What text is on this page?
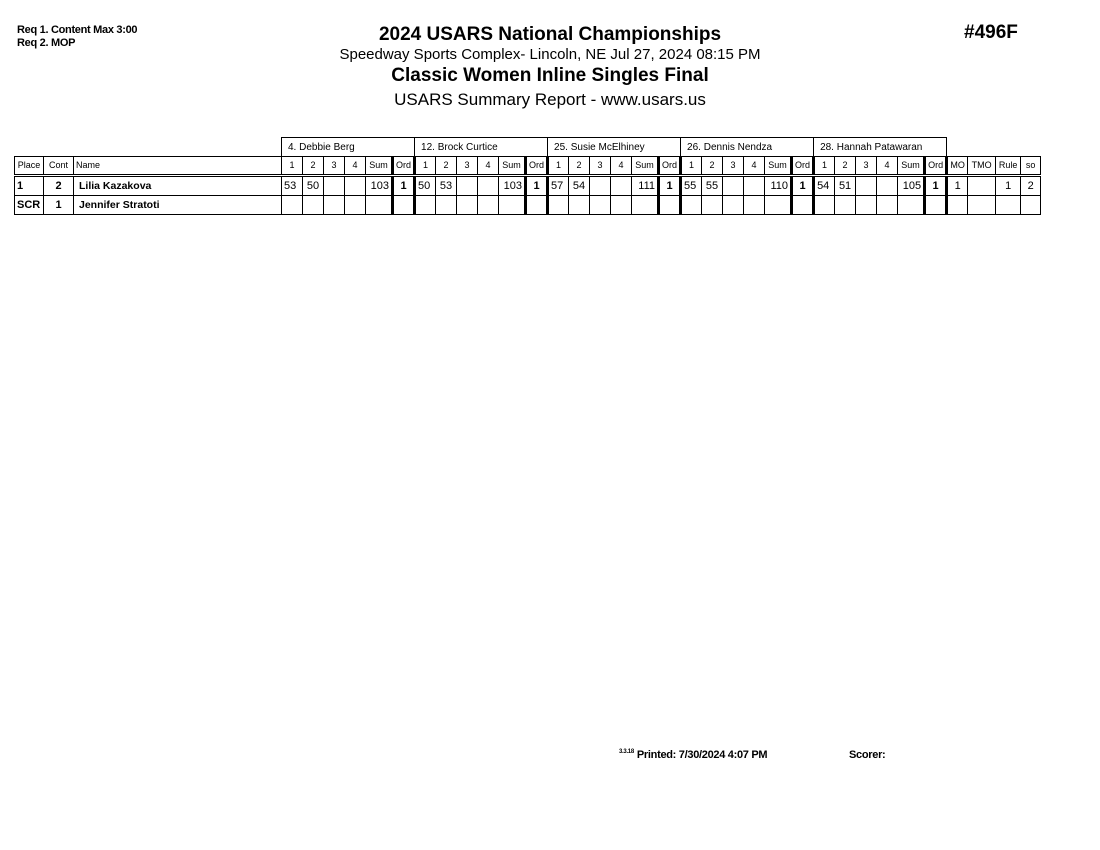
Req 1. Content Max 3:00
Req 2. MOP	#496F
2024 USARS National Championships
Speedway Sports Complex- Lincoln, NE Jul 27, 2024 08:15 PM
Classic Women Inline Singles Final
USARS Summary Report - www.usars.us
			4. Debbie Berg						12. Brock Curtice						25. Susie McElhiney						26. Dennis Nendza						28. Hannah Patawaran									
Place	Cont	Name	1	2	3	4	Sum	Ord	1	2	3	4	Sum	Ord	1	2	3	4	Sum	Ord	1	2	3	4	Sum	Ord	1	2	3	4	Sum	Ord	MO	TMO	Rule	so
1	2	Lilia Kazakova	53	50			103	1	50	53			103	1	57	54			111	1	55	55			110	1	54	51			105	1	1		1	2
SCR	1	Jennifer Stratoti																																		
$^{3.3.18}$ Printed: 7/30/2024 4:07 PM	Scorer:
